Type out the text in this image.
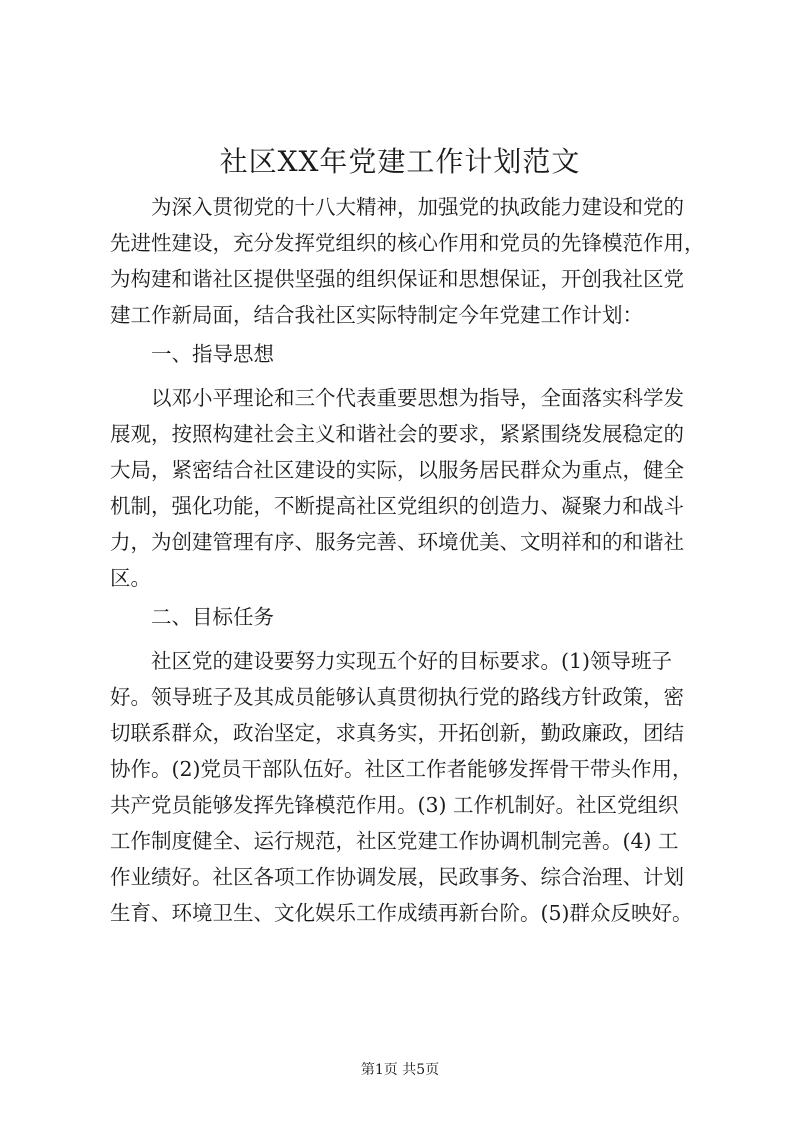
社区XX年党建工作计划范文
为深入贯彻党的十八大精神，加强党的执政能力建设和党的
先进性建设，充分发挥党组织的核心作用和党员的先锋模范作用，
为构建和谐社区提供坚强的组织保证和思想保证，开创我社区党
建工作新局面，结合我社区实际特制定今年党建工作计划：
一、指导思想
以邓小平理论和三个代表重要思想为指导，全面落实科学发
展观，按照构建社会主义和谐社会的要求，紧紧围绕发展稳定的
大局，紧密结合社区建设的实际，以服务居民群众为重点，健全
机制，强化功能，不断提高社区党组织的创造力、凝聚力和战斗
力，为创建管理有序、服务完善、环境优美、文明祥和的和谐社
区。
二、目标任务
社区党的建设要努力实现五个好的目标要求。(1)领导班子
好。领导班子及其成员能够认真贯彻执行党的路线方针政策，密
切联系群众，政治坚定，求真务实，开拓创新，勤政廉政，团结
协作。(2)党员干部队伍好。社区工作者能够发挥骨干带头作用，
共产党员能够发挥先锋模范作用。(3) 工作机制好。社区党组织
工作制度健全、运行规范，社区党建工作协调机制完善。(4) 工
作业绩好。社区各项工作协调发展，民政事务、综合治理、计划
生育、环境卫生、文化娱乐工作成绩再新台阶。(5)群众反映好。
第1页 共5页
